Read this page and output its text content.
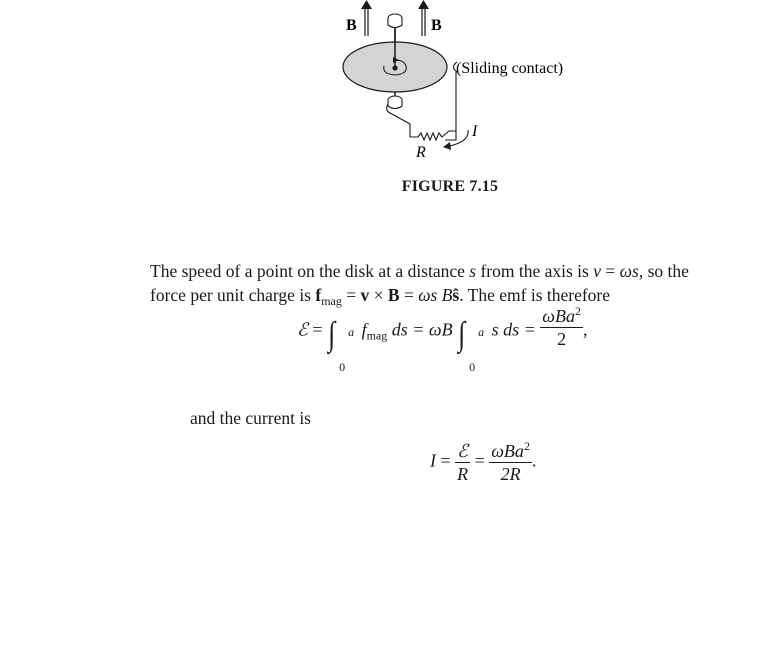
B	B
(Sliding contact)
I
R
FIGURE 7.15
The speed of a point on the disk at a distance s from the axis is v = ωs, so the
force per unit charge is $f_{mag} = v \times B = \omega s$ Bŝ. The emf is therefore
ℰ = ∫ a
0
$f_{mag}$ ds = ωB ∫ a
0
s ds = $\frac{\omega Ba^2}{2}$ ,
and the current is
$I = \frac{\text{ℰ}}{R} = \frac{\omega Ba^2}{2R}$ .
